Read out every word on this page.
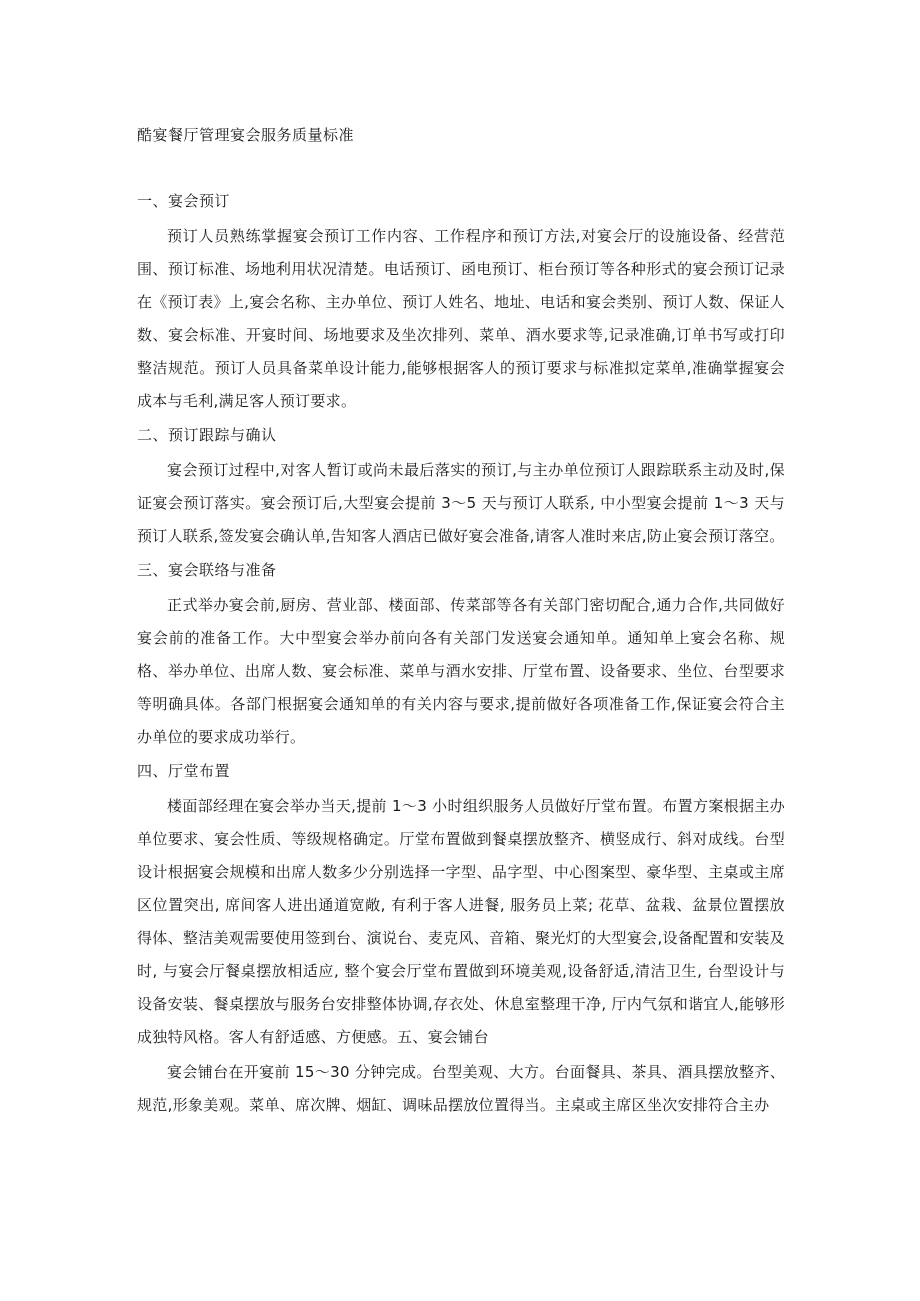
酷宴餐厅管理宴会服务质量标准
一、宴会预订

预订人员熟练掌握宴会预订工作内容、工作程序和预订方法,对宴会厅的设施设备、经营范围、预订标准、场地利用状况清楚。电话预订、函电预订、柜台预订等各种形式的宴会预订记录在《预订表》上,宴会名称、主办单位、预订人姓名、地址、电话和宴会类别、预订人数、保证人数、宴会标准、开宴时间、场地要求及坐次排列、菜单、酒水要求等,记录准确,订单书写或打印整洁规范。预订人员具备菜单设计能力,能够根据客人的预订要求与标准拟定菜单,准确掌握宴会成本与毛利,满足客人预订要求。

二、预订跟踪与确认

宴会预订过程中,对客人暂订或尚未最后落实的预订,与主办单位预订人跟踪联系主动及时,保证宴会预订落实。宴会预订后,大型宴会提前 3〜5 天与预订人联系, 中小型宴会提前 1〜3 天与预订人联系,签发宴会确认单,告知客人酒店已做好宴会准备,请客人准时来店,防止宴会预订落空。

三、宴会联络与准备

正式举办宴会前,厨房、营业部、楼面部、传菜部等各有关部门密切配合,通力合作,共同做好宴会前的准备工作。大中型宴会举办前向各有关部门发送宴会通知单。通知单上宴会名称、规格、举办单位、出席人数、宴会标准、菜单与酒水安排、厅堂布置、设备要求、坐位、台型要求等明确具体。各部门根据宴会通知单的有关内容与要求,提前做好各项准备工作,保证宴会符合主办单位的要求成功举行。

四、厅堂布置

楼面部经理在宴会举办当天,提前 1〜3 小时组织服务人员做好厅堂布置。布置方案根据主办单位要求、宴会性质、等级规格确定。厅堂布置做到餐桌摆放整齐、横竖成行、斜对成线。台型设计根据宴会规模和出席人数多少分别选择一字型、品字型、中心图案型、豪华型、主桌或主席区位置突出, 席间客人进出通道宽敞, 有利于客人进餐, 服务员上菜; 花草、盆栽、盆景位置摆放得体、整洁美观需要使用签到台、演说台、麦克风、音箱、聚光灯的大型宴会,设备配置和安装及时, 与宴会厅餐桌摆放相适应, 整个宴会厅堂布置做到环境美观,设备舒适,清洁卫生, 台型设计与设备安装、餐桌摆放与服务台安排整体协调,存衣处、休息室整理干净, 厅内气氛和谐宜人,能够形成独特风格。客人有舒适感、方便感。五、宴会铺台

宴会铺台在开宴前 15〜30 分钟完成。台型美观、大方。台面餐具、茶具、酒具摆放整齐、规范,形象美观。菜单、席次牌、烟缸、调味品摆放位置得当。主桌或主席区坐次安排符合主办
